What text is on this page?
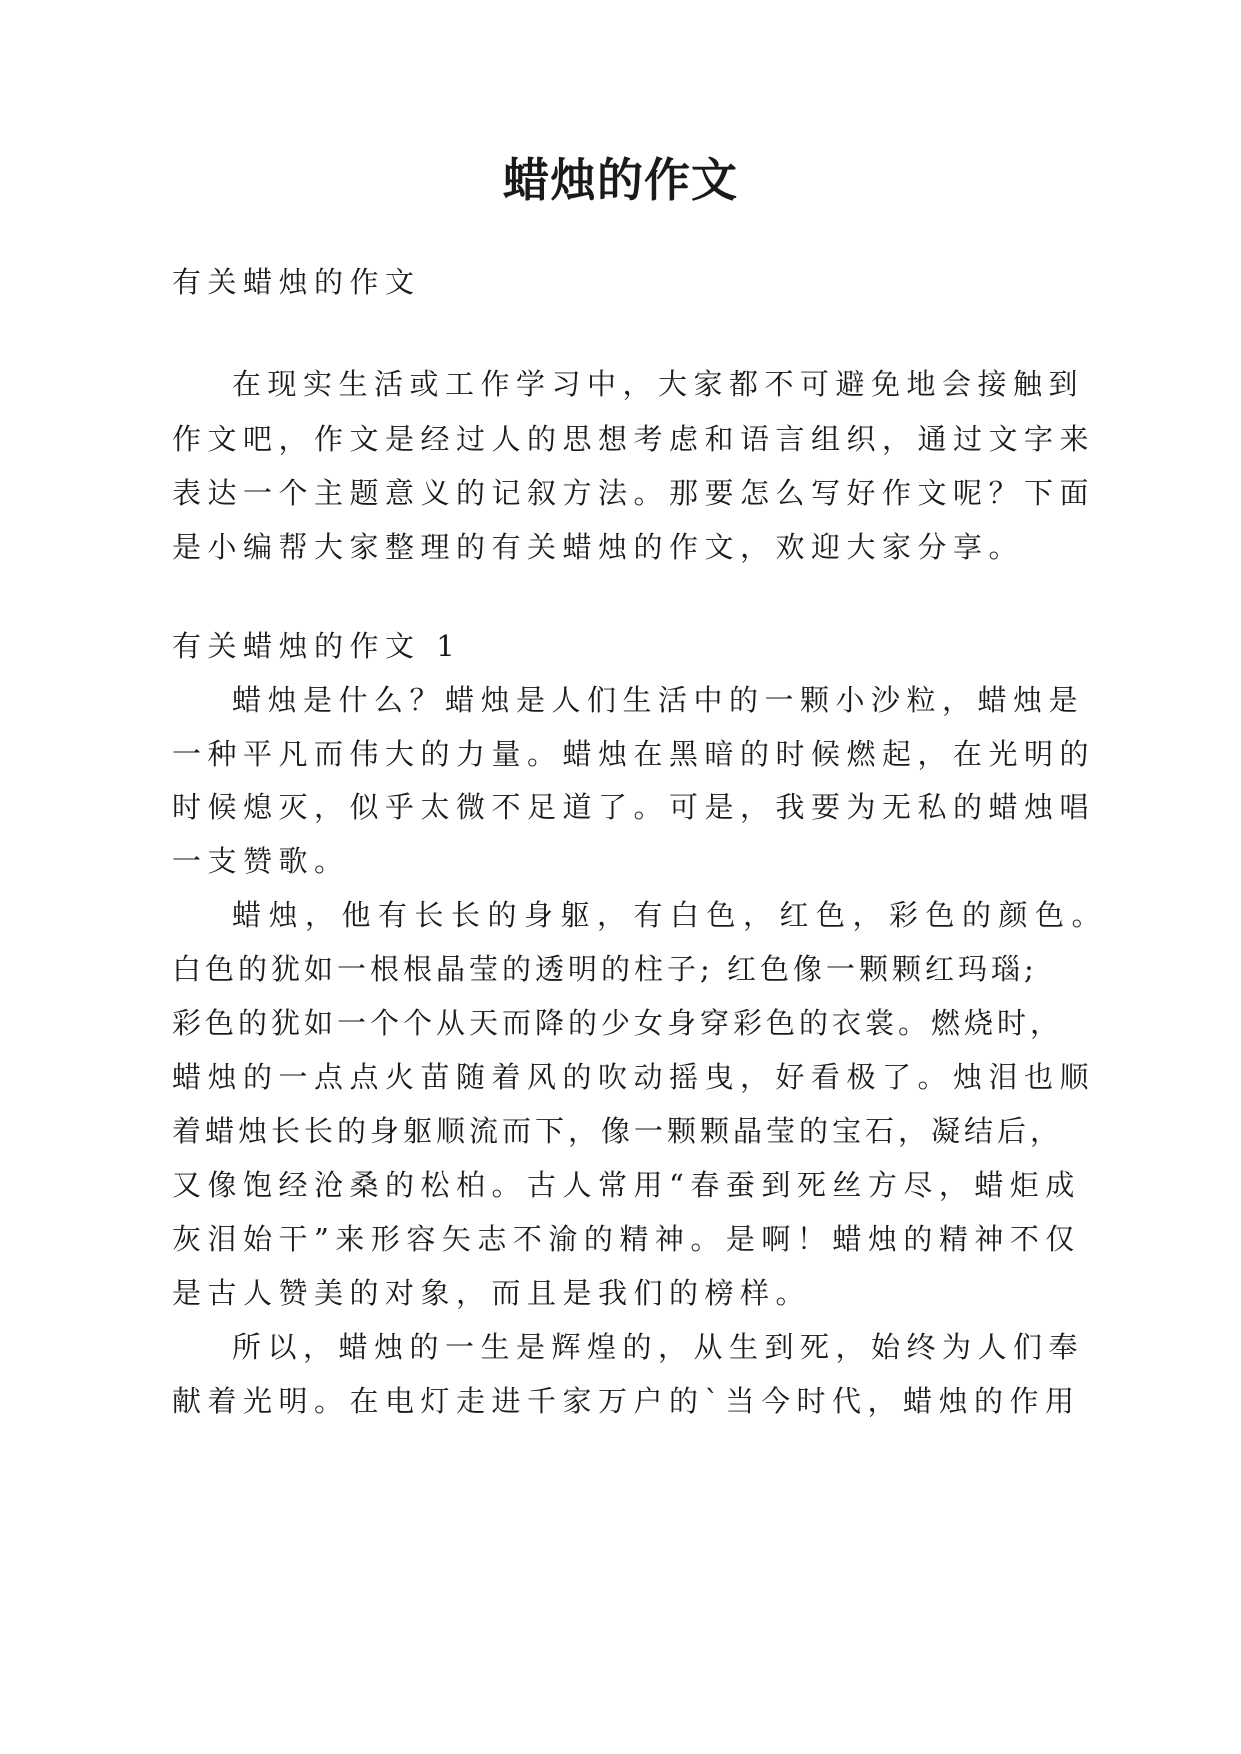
蜡烛的作文

有关蜡烛的作文

在现实生活或工作学习中，大家都不可避免地会接触到

作文吧，作文是经过人的思想考虑和语言组织，通过文字来

表达一个主题意义的记叙方法。那要怎么写好作文呢？下面

是小编帮大家整理的有关蜡烛的作文，欢迎大家分享。

有关蜡烛的作文 1

蜡烛是什么？蜡烛是人们生活中的一颗小沙粒，蜡烛是

一种平凡而伟大的力量。蜡烛在黑暗的时候燃起，在光明的

时候熄灭，似乎太微不足道了。可是，我要为无私的蜡烛唱

一支赞歌。

蜡烛，他有长长的身躯，有白色，红色，彩色的颜色。

白色的犹如一根根晶莹的透明的柱子; 红色像一颗颗红玛瑙;

彩色的犹如一个个从天而降的少女身穿彩色的衣裳。燃烧时，

蜡烛的一点点火苗随着风的吹动摇曳，好看极了。烛泪也顺

着蜡烛长长的身躯顺流而下，像一颗颗晶莹的宝石，凝结后，

又像饱经沧桑的松柏。古人常用“春蚕到死丝方尽，蜡炬成

灰泪始干”来形容矢志不渝的精神。是啊！蜡烛的精神不仅

是古人赞美的对象，而且是我们的榜样。

所以，蜡烛的一生是辉煌的，从生到死，始终为人们奉

献着光明。在电灯走进千家万户的`当今时代，蜡烛的作用
